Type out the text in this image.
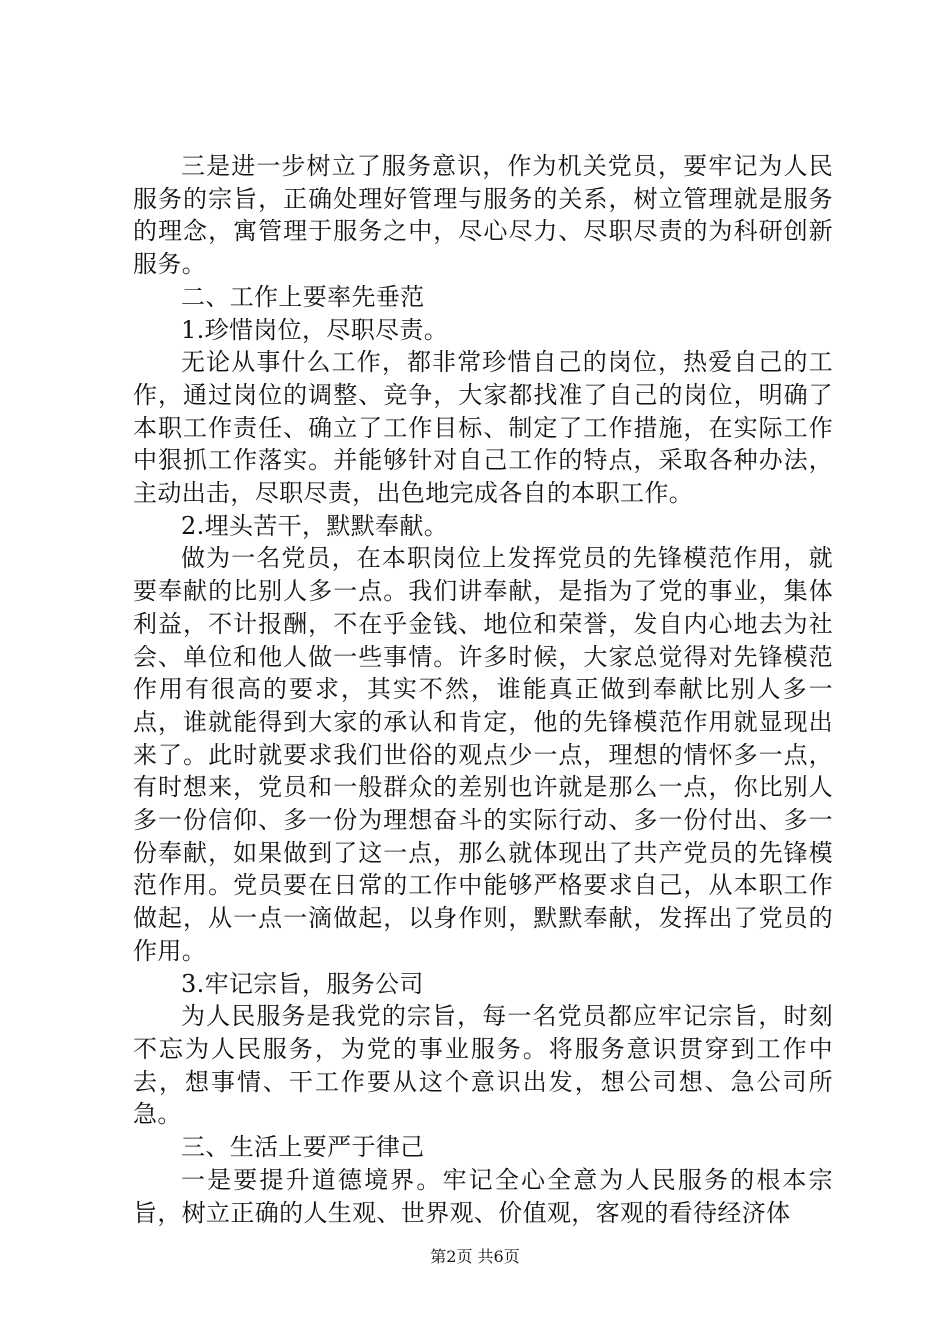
三是进一步树立了服务意识，作为机关党员，要牢记为人民服务的宗旨，正确处理好管理与服务的关系，树立管理就是服务的理念，寓管理于服务之中，尽心尽力、尽职尽责的为科研创新服务。

二、工作上要率先垂范

1.珍惜岗位，尽职尽责。

无论从事什么工作，都非常珍惜自己的岗位，热爱自己的工作，通过岗位的调整、竞争，大家都找准了自己的岗位，明确了本职工作责任、确立了工作目标、制定了工作措施，在实际工作中狠抓工作落实。并能够针对自己工作的特点，采取各种办法，主动出击，尽职尽责，出色地完成各自的本职工作。

2.埋头苦干，默默奉献。

做为一名党员，在本职岗位上发挥党员的先锋模范作用，就要奉献的比别人多一点。我们讲奉献，是指为了党的事业，集体利益，不计报酬，不在乎金钱、地位和荣誉，发自内心地去为社会、单位和他人做一些事情。许多时候，大家总觉得对先锋模范作用有很高的要求，其实不然，谁能真正做到奉献比别人多一点，谁就能得到大家的承认和肯定，他的先锋模范作用就显现出来了。此时就要求我们世俗的观点少一点，理想的情怀多一点，有时想来，党员和一般群众的差别也许就是那么一点，你比别人多一份信仰、多一份为理想奋斗的实际行动、多一份付出、多一份奉献，如果做到了这一点，那么就体现出了共产党员的先锋模范作用。党员要在日常的工作中能够严格要求自己，从本职工作做起，从一点一滴做起，以身作则，默默奉献，发挥出了党员的作用。

3.牢记宗旨，服务公司

为人民服务是我党的宗旨，每一名党员都应牢记宗旨，时刻不忘为人民服务，为党的事业服务。将服务意识贯穿到工作中去，想事情、干工作要从这个意识出发，想公司想、急公司所急。

三、生活上要严于律己

一是要提升道德境界。牢记全心全意为人民服务的根本宗旨，树立正确的人生观、世界观、价值观，客观的看待经济体

第2页 共6页
